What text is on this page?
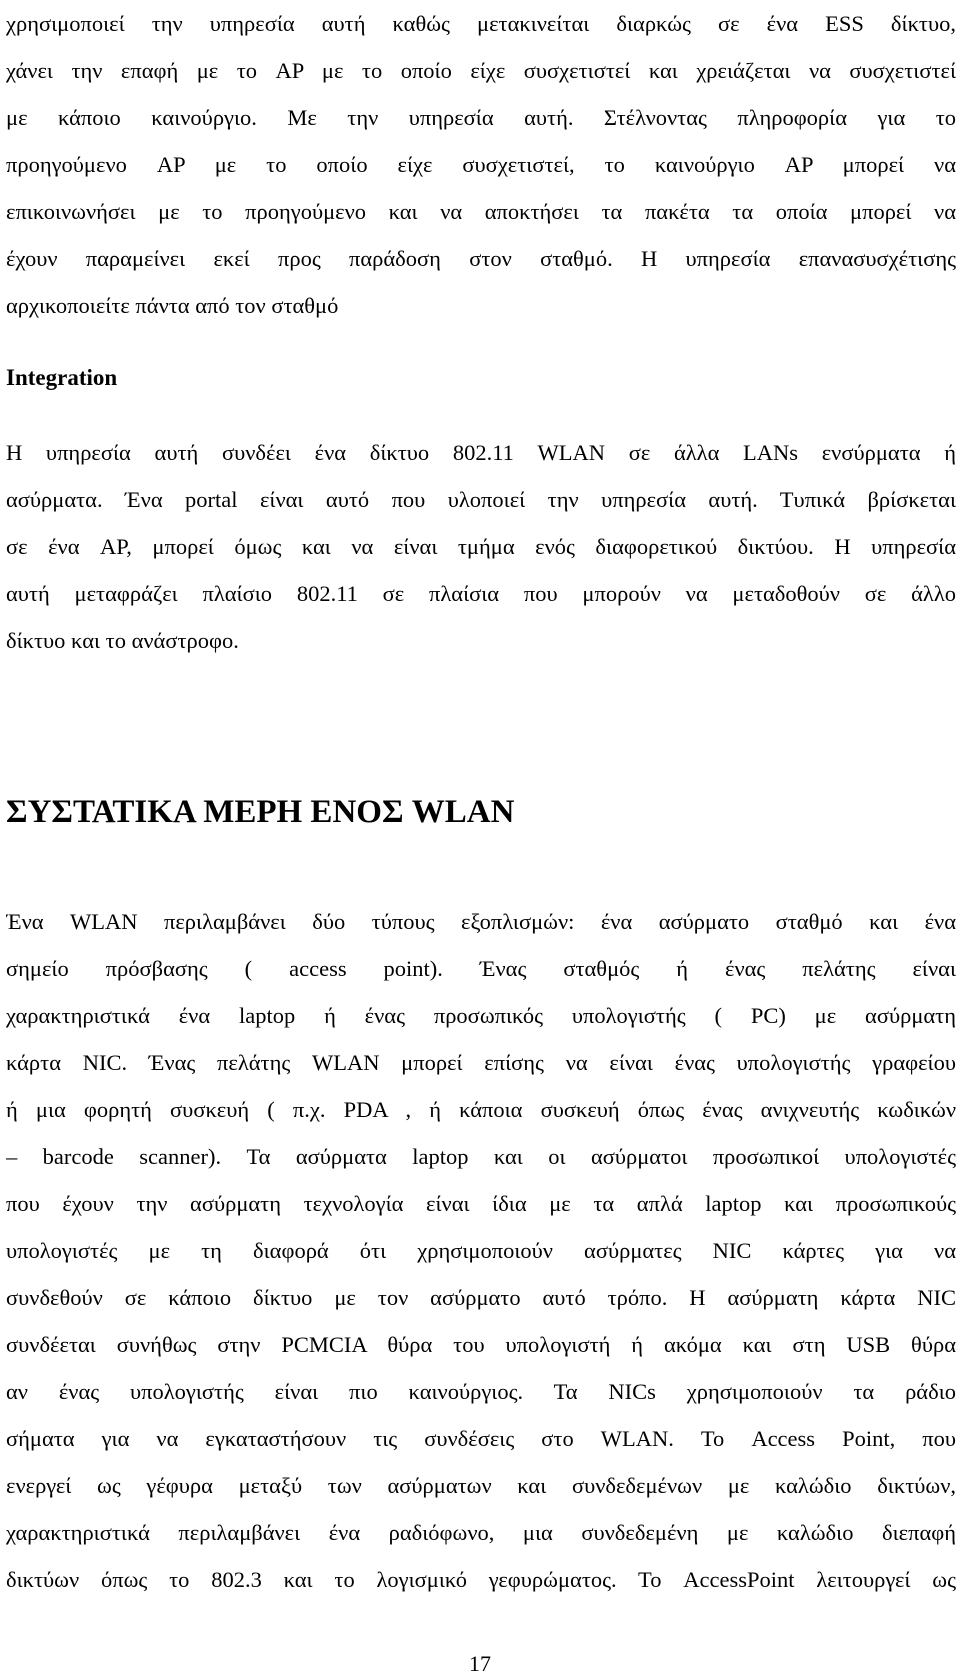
χρησιμοποιεί την υπηρεσία αυτή καθώς μετακινείται διαρκώς σε ένα ESS δίκτυο,
χάνει την επαφή με το AP με το οποίο είχε συσχετιστεί και χρειάζεται να συσχετιστεί
με κάποιο καινούργιο. Με την υπηρεσία αυτή. Στέλνοντας πληροφορία για το
προηγούμενο AP με το οποίο είχε συσχετιστεί, το καινούργιο AP μπορεί να
επικοινωνήσει με το προηγούμενο και να αποκτήσει τα πακέτα τα οποία μπορεί να
έχουν παραμείνει εκεί προς παράδοση στον σταθμό. Η υπηρεσία επανασυσχέτισης
αρχικοποιείτε πάντα από τον σταθμό
Integration
Η υπηρεσία αυτή συνδέει ένα δίκτυο 802.11 WLAN σε άλλα LANs ενσύρματα ή
ασύρματα. Ένα portal είναι αυτό που υλοποιεί την υπηρεσία αυτή. Τυπικά βρίσκεται
σε ένα AP, μπορεί όμως και να είναι τμήμα ενός διαφορετικού δικτύου. Η υπηρεσία
αυτή μεταφράζει πλαίσιο 802.11 σε πλαίσια που μπορούν να μεταδοθούν σε άλλο
δίκτυο και το ανάστροφο.
ΣΥΣΤΑΤΙΚΑ ΜΕΡΗ ΕΝΟΣ WLAN
Ένα WLAN περιλαμβάνει δύο τύπους εξοπλισμών: ένα ασύρματο σταθμό και ένα
σημείο πρόσβασης ( access point). Ένας σταθμός ή ένας πελάτης είναι
χαρακτηριστικά ένα laptop ή ένας προσωπικός υπολογιστής ( PC) με ασύρματη
κάρτα NIC. Ένας πελάτης WLAN μπορεί επίσης να είναι ένας υπολογιστής γραφείου
ή μια φορητή συσκευή ( π.χ. PDA , ή κάποια συσκευή όπως ένας ανιχνευτής κωδικών
– barcode scanner). Τα ασύρματα laptop και οι ασύρματοι προσωπικοί υπολογιστές
που έχουν την ασύρματη τεχνολογία είναι ίδια με τα απλά laptop και προσωπικούς
υπολογιστές με τη διαφορά ότι χρησιμοποιούν ασύρματες NIC κάρτες για να
συνδεθούν σε κάποιο δίκτυο με τον ασύρματο αυτό τρόπο. Η ασύρματη κάρτα NIC
συνδέεται συνήθως στην PCMCIA θύρα του υπολογιστή ή ακόμα και στη USB θύρα
αν ένας υπολογιστής είναι πιο καινούργιος. Τα NICs χρησιμοποιούν τα ράδιο
σήματα για να εγκαταστήσουν τις συνδέσεις στο WLAN. Το Access Point, που
ενεργεί ως γέφυρα μεταξύ των ασύρματων και συνδεδεμένων με καλώδιο δικτύων,
χαρακτηριστικά περιλαμβάνει ένα ραδιόφωνο, μια συνδεδεμένη με καλώδιο διεπαφή
δικτύων όπως το 802.3 και το λογισμικό γεφυρώματος. Το AccessPoint λειτουργεί ως
17
